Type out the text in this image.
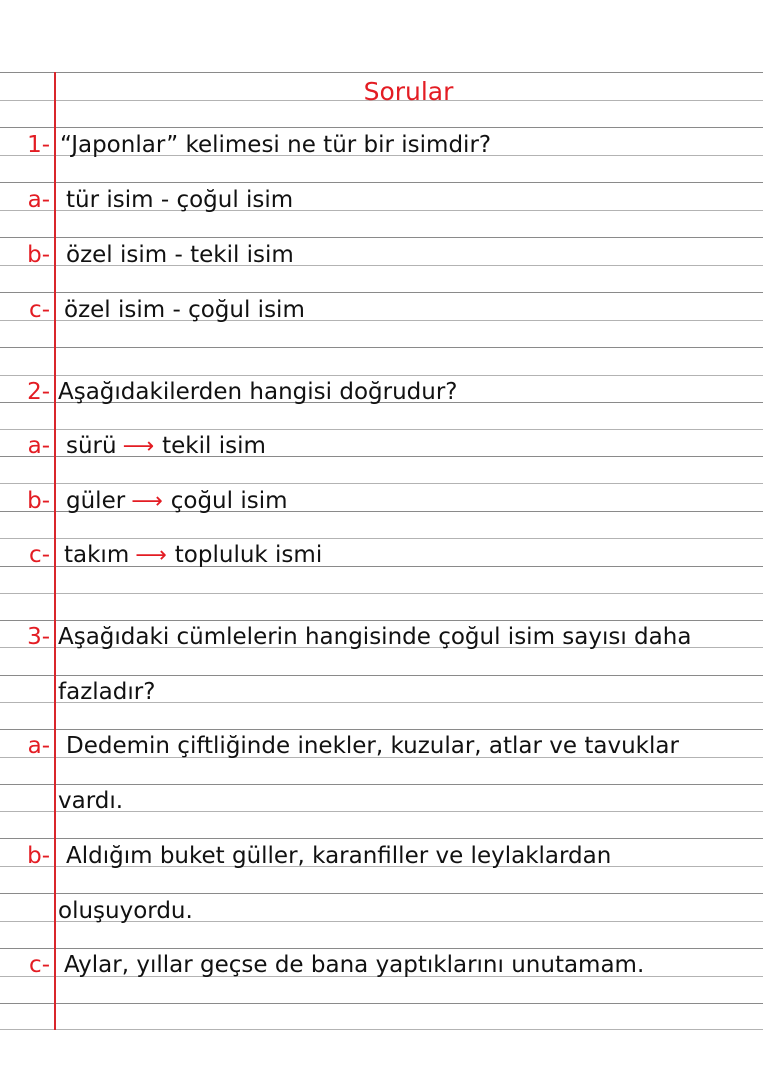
Sorular
1- “Japonlar” kelimesi ne tür bir isimdir?
a- tür isim - çoğul isim
b- özel isim - tekil isim
c- özel isim - çoğul isim
2- Aşağıdakilerden hangisi doğrudur?
a- sürü ⟶ tekil isim
b- güler ⟶ çoğul isim
c- takım ⟶ topluluk ismi
3- Aşağıdaki cümlelerin hangisinde çoğul isim sayısı daha
fazladır?
a- Dedemin çiftliğinde inekler, kuzular, atlar ve tavuklar
vardı.
b- Aldığım buket güller, karanfiller ve leylaklardan
oluşuyordu.
c- Aylar, yıllar geçse de bana yaptıklarını unutamam.
